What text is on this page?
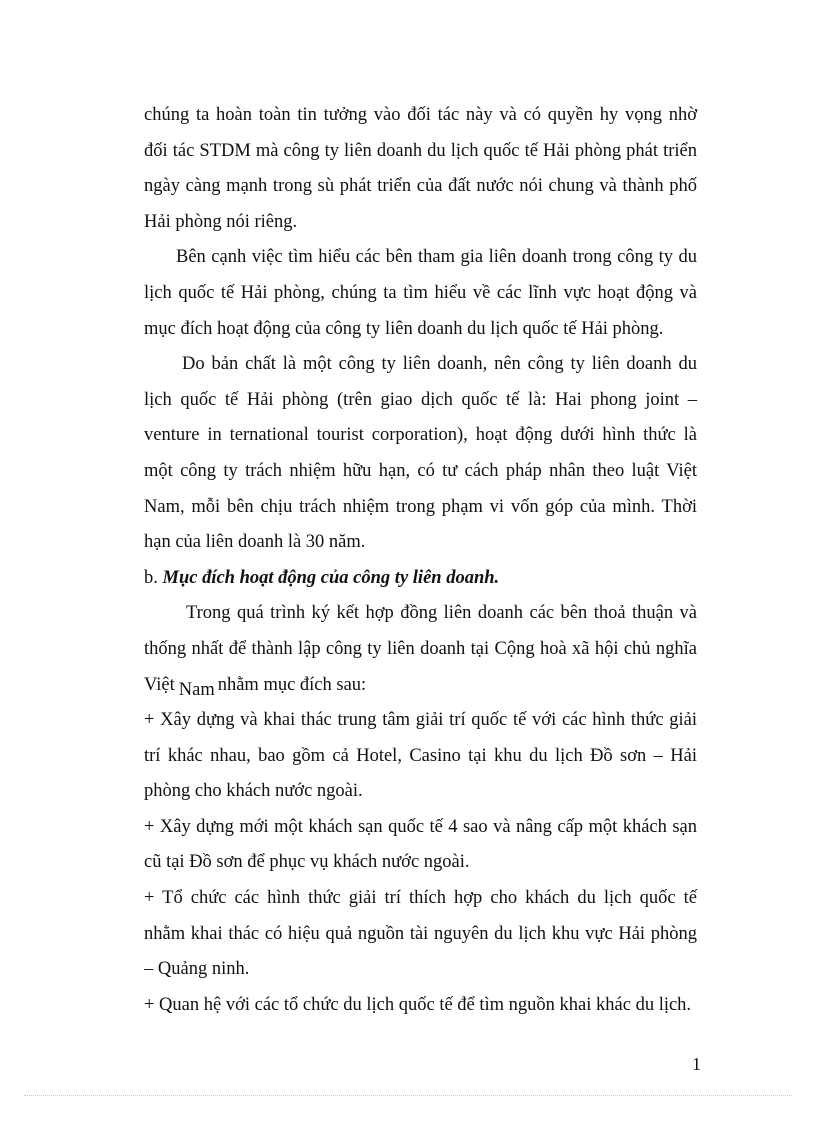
chúng ta hoàn toàn tin tưởng vào đối tác này và có quyền hy vọng nhờ
đối tác STDM mà công ty liên doanh du lịch quốc tế Hải phòng phát triển
ngày càng mạnh trong sù phát triển của đất nước nói chung và thành phố
Hải phòng nói riêng.
Bên cạnh việc tìm hiểu các bên tham gia liên doanh trong công ty du
lịch quốc tế Hải phòng, chúng ta tìm hiểu về các lĩnh vực hoạt động và
mục đích hoạt động của công ty liên doanh du lịch quốc tế Hải phòng.
Do bản chất là một công ty liên doanh, nên công ty liên doanh du
lịch quốc tế Hải phòng (trên giao dịch quốc tế là: Hai phong joint –
venture in ternational tourist corporation), hoạt động dưới hình thức là
một công ty trách nhiệm hữu hạn, có tư cách pháp nhân theo luật Việt
Nam, mỗi bên chịu trách nhiệm trong phạm vi vốn góp của mình. Thời
hạn của liên doanh là 30 năm.
b. Mục đích hoạt động của công ty liên doanh.
Trong quá trình ký kết hợp đồng liên doanh các bên thoả thuận và
thống nhất để thành lập công ty liên doanh tại Cộng hoà xã hội chủ nghĩa
Việt Nam nhằm mục đích sau:
+ Xây dựng và khai thác trung tâm giải trí quốc tế với các hình thức giải
trí khác nhau, bao gồm cả Hotel, Casino tại khu du lịch Đồ sơn – Hải
phòng cho khách nước ngoài.
+ Xây dựng mới một khách sạn quốc tế 4 sao và nâng cấp một khách sạn
cũ tại Đồ sơn để phục vụ khách nước ngoài.
+ Tổ chức các hình thức giải trí thích hợp cho khách du lịch quốc tế
nhằm khai thác có hiệu quả nguồn tài nguyên du lịch khu vực Hải phòng
– Quảng ninh.
+ Quan hệ với các tổ chức du lịch quốc tế để tìm nguồn khai khác du lịch.
1
